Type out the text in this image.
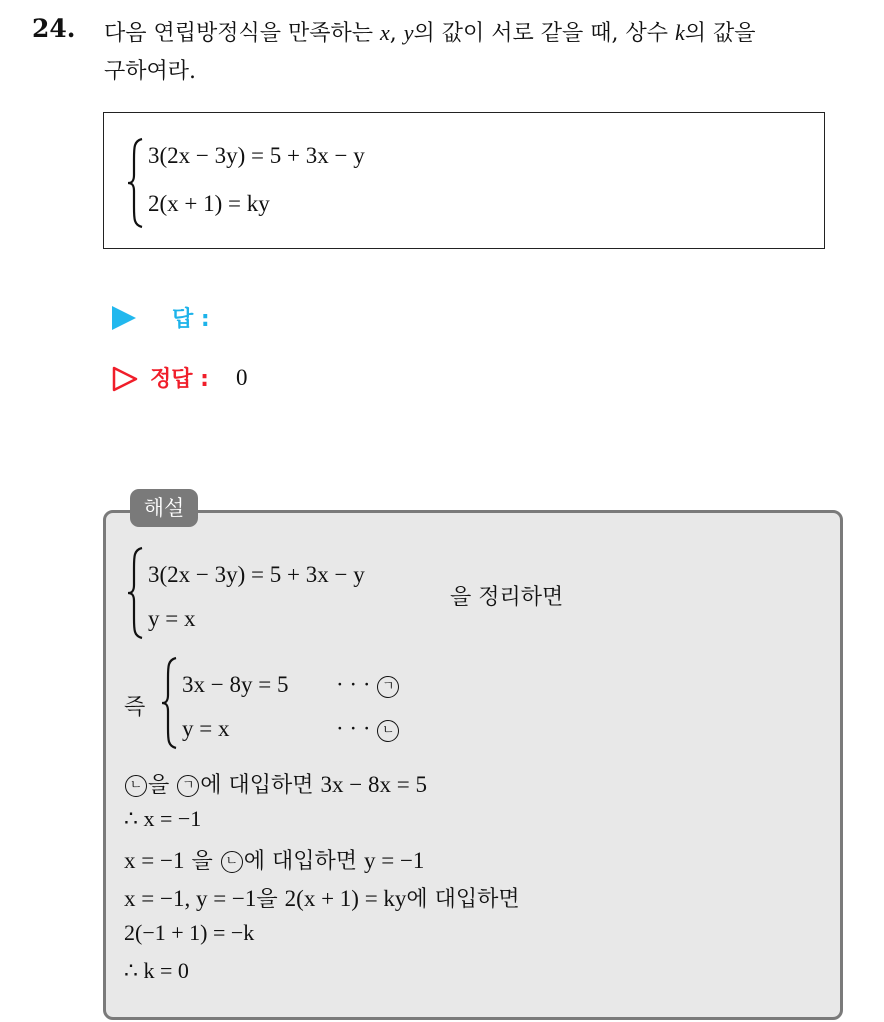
24. 다음 연립방정식을 만족하는 x, y의 값이 서로 같을 때, 상수 k의 값을
구하여라.
3(2x − 3y) = 5 + 3x − y
2(x + 1) = ky
답 :
정답 : 0
해설
3(2x − 3y) = 5 + 3x − y
y = x
을 정리하면
즉
3x − 8y = 5
y = x
· · · ㄱ
· · · ㄴ
ㄴ 을 ㄱ 에 대입하면 3x − 8x = 5
∴ x = −1
x = −1 을 ㄴ 에 대입하면 y = −1
x = −1, y = −1을 2(x + 1) = ky에 대입하면
2(−1 + 1) = −k
∴ k = 0
